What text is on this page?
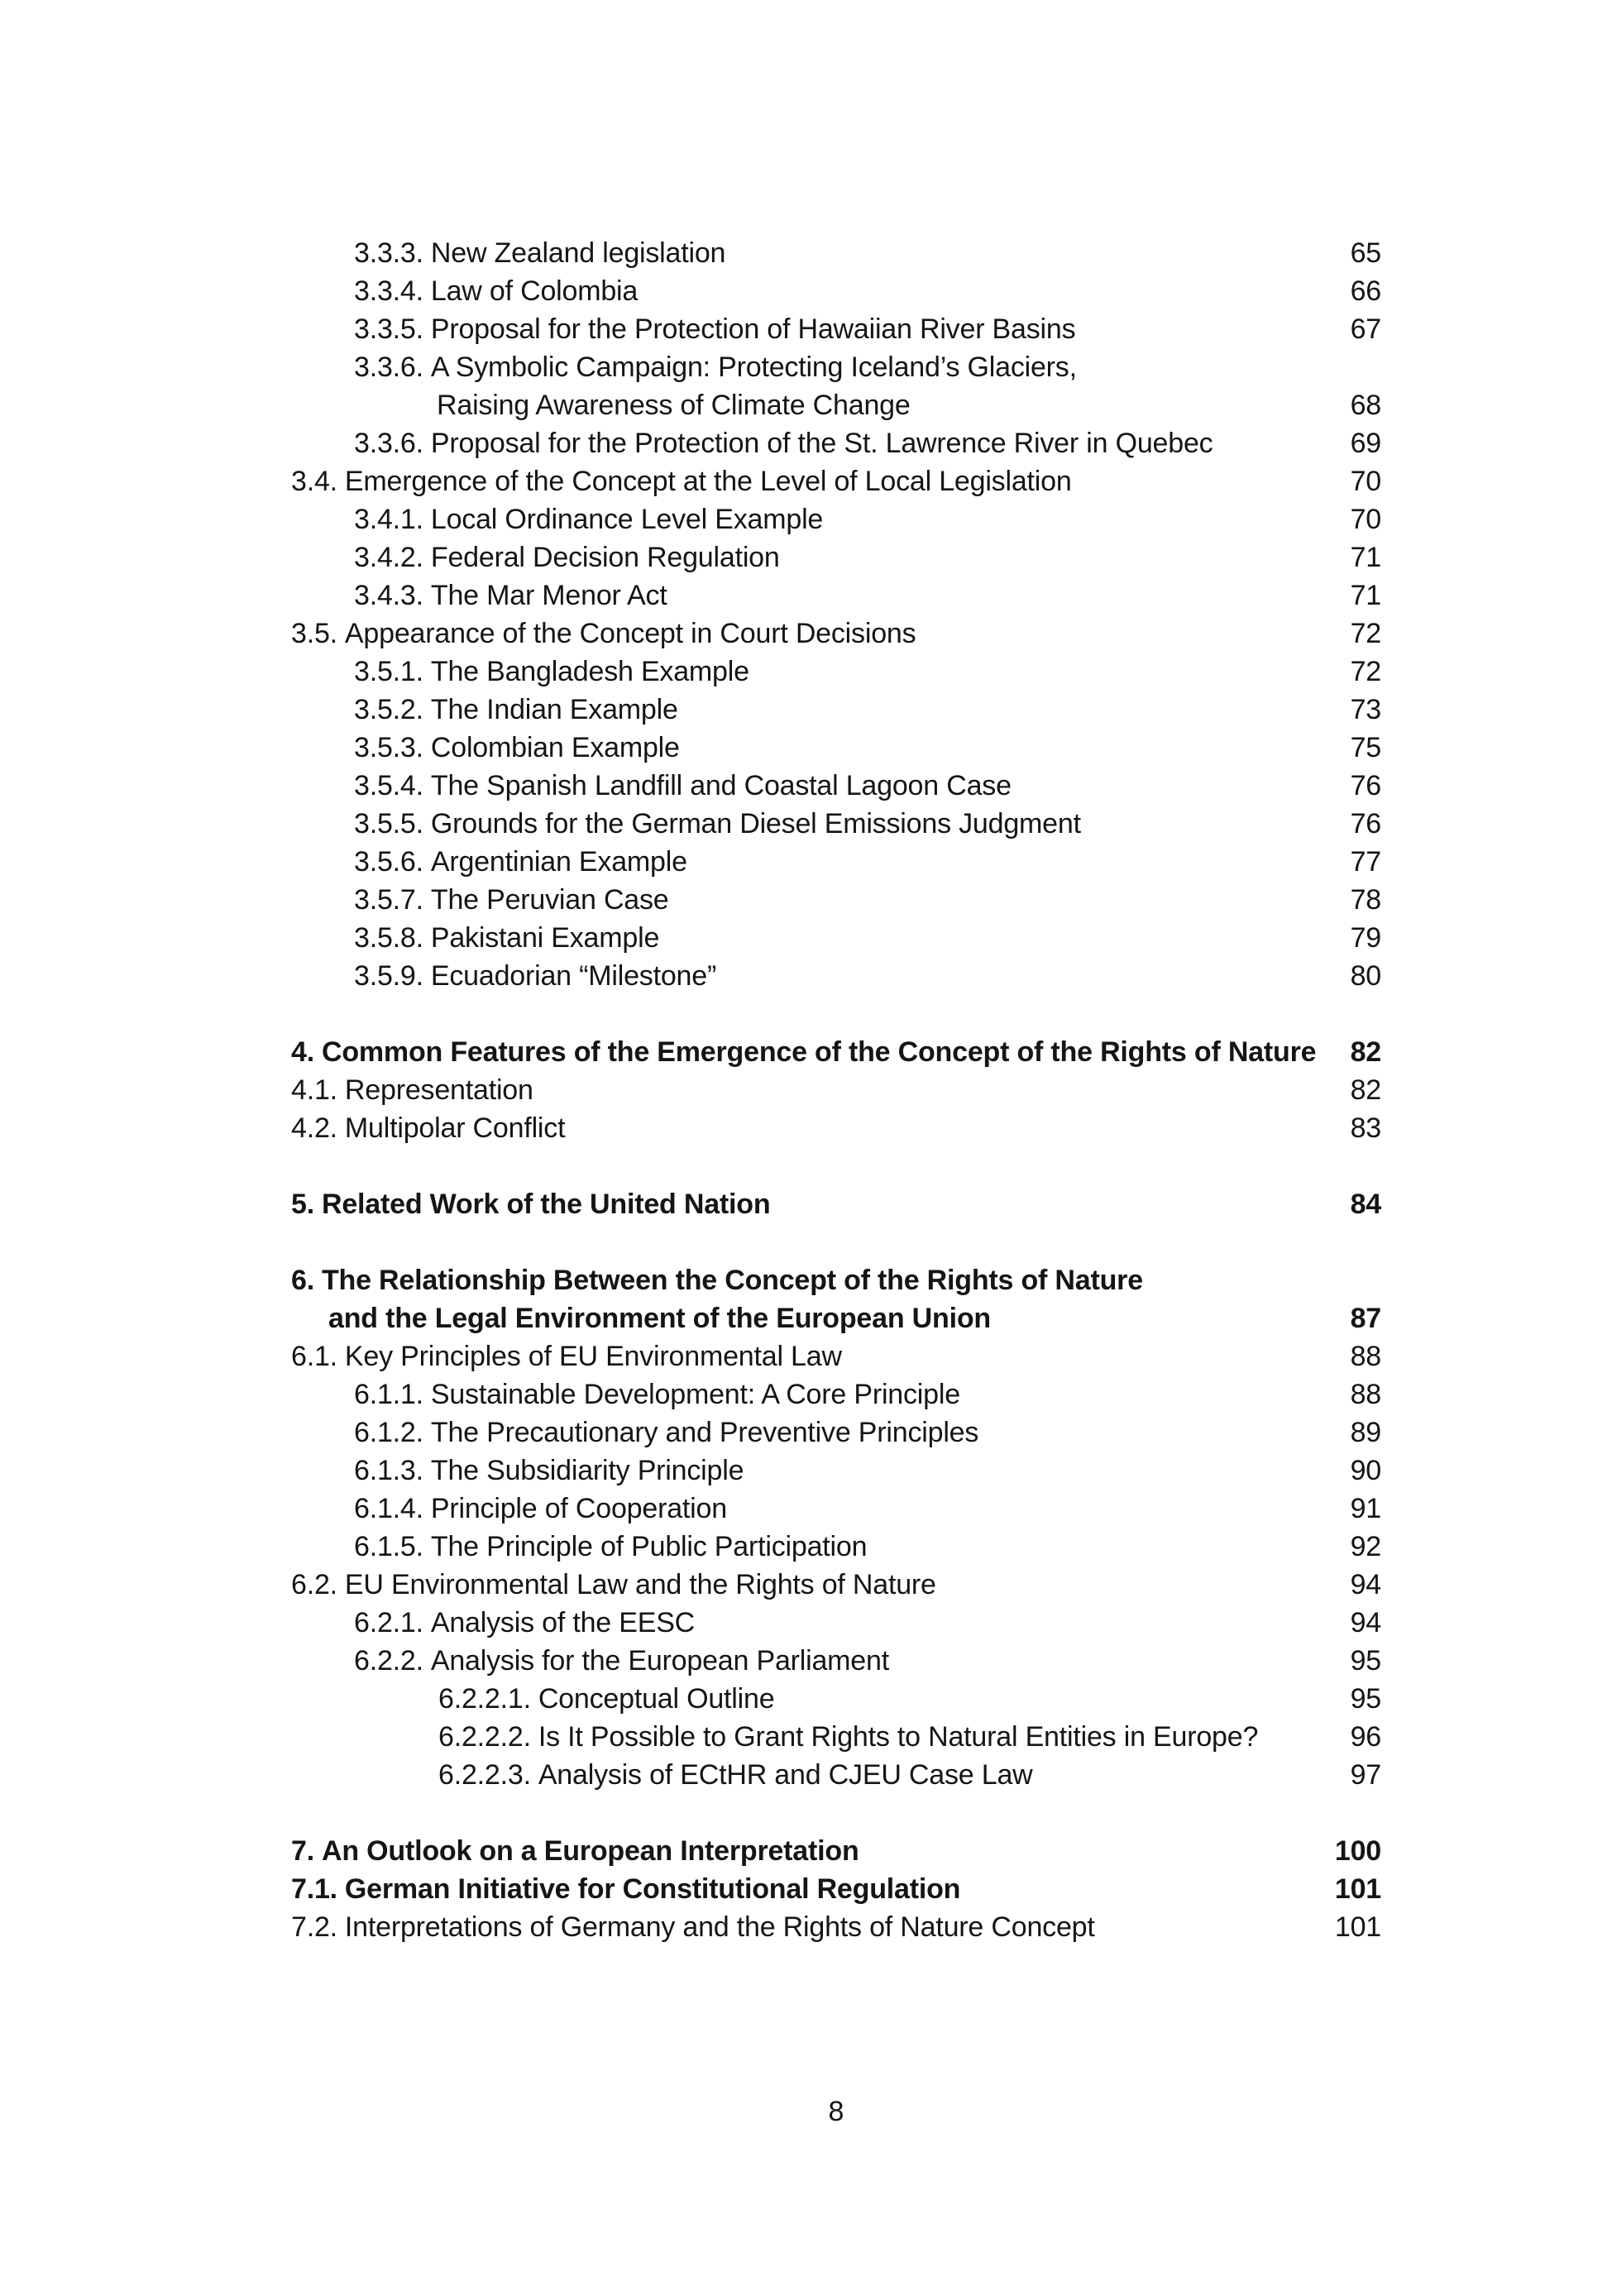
3.3.3. New Zealand legislation	65
3.3.4. Law of Colombia	66
3.3.5. Proposal for the Protection of Hawaiian River Basins	67
3.3.6. A Symbolic Campaign: Protecting Iceland’s Glaciers,
Raising Awareness of Climate Change	68
3.3.6. Proposal for the Protection of the St. Lawrence River in Quebec	69
3.4. Emergence of the Concept at the Level of Local Legislation	70
3.4.1. Local Ordinance Level Example	70
3.4.2. Federal Decision Regulation	71
3.4.3. The Mar Menor Act	71
3.5. Appearance of the Concept in Court Decisions	72
3.5.1. The Bangladesh Example	72
3.5.2. The Indian Example	73
3.5.3. Colombian Example	75
3.5.4. The Spanish Landfill and Coastal Lagoon Case	76
3.5.5. Grounds for the German Diesel Emissions Judgment	76
3.5.6. Argentinian Example	77
3.5.7. The Peruvian Case	78
3.5.8. Pakistani Example	79
3.5.9. Ecuadorian “Milestone”	80
4. Common Features of the Emergence of the Concept of the Rights of Nature	82
4.1. Representation	82
4.2. Multipolar Conflict	83
5. Related Work of the United Nation	84
6. The Relationship Between the Concept of the Rights of Nature
and the Legal Environment of the European Union	87
6.1. Key Principles of EU Environmental Law	88
6.1.1. Sustainable Development: A Core Principle	88
6.1.2. The Precautionary and Preventive Principles	89
6.1.3. The Subsidiarity Principle	90
6.1.4. Principle of Cooperation	91
6.1.5. The Principle of Public Participation	92
6.2. EU Environmental Law and the Rights of Nature	94
6.2.1. Analysis of the EESC	94
6.2.2. Analysis for the European Parliament	95
6.2.2.1. Conceptual Outline	95
6.2.2.2. Is It Possible to Grant Rights to Natural Entities in Europe?	96
6.2.2.3. Analysis of ECtHR and CJEU Case Law	97
7. An Outlook on a European Interpretation	100
7.1. German Initiative for Constitutional Regulation	101
7.2. Interpretations of Germany and the Rights of Nature Concept	101
8
